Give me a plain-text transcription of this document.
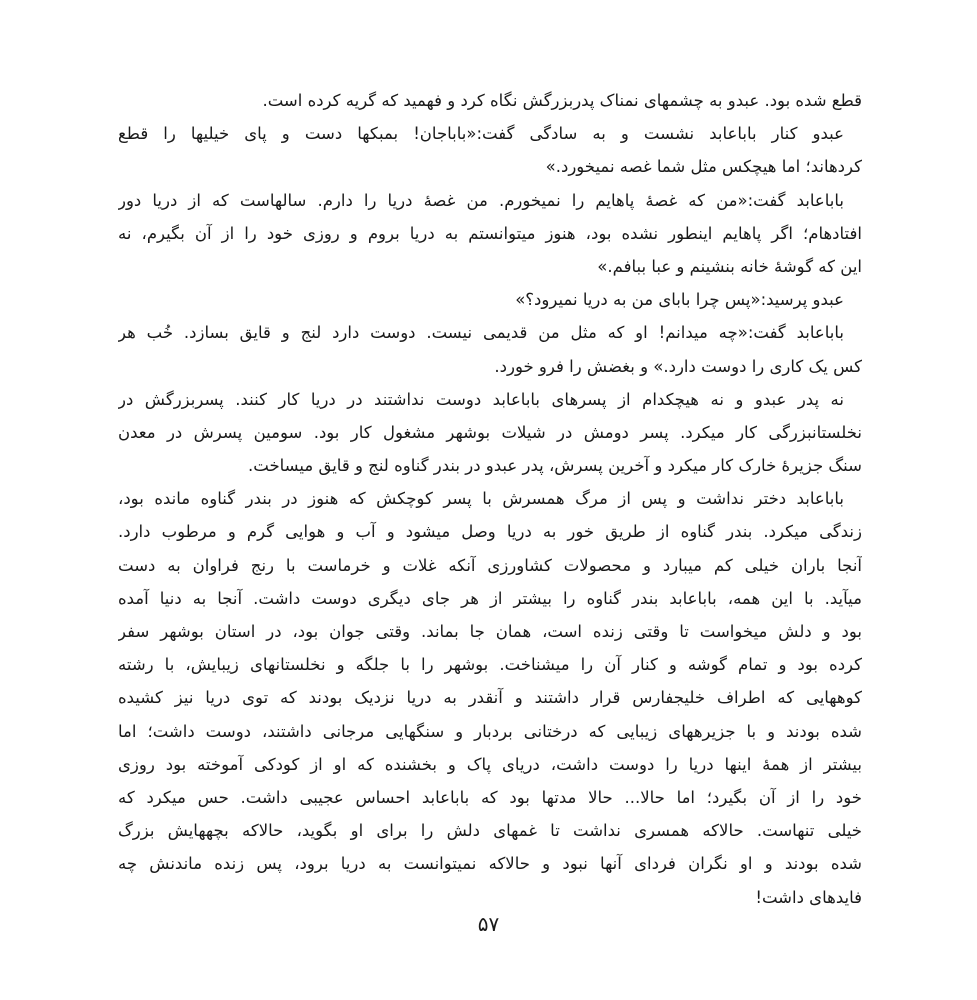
قطع شده بود. عبدو به چشمهای نمناک پدربزرگش نگاه کرد و فهمید که گریه کرده است.
عبدو کنار باباعابد نشست و به سادگی گفت:«باباجان! بمبکها دست و پای خیلیها را قطع
کردهاند؛ اما هیچکس مثل شما غصه نمیخورد.»
باباعابد گفت:«من که غصهٔ پاهایم را نمیخورم. من غصهٔ دریا را دارم. سالهاست که از دریا دور
افتادهام؛ اگر پاهایم اینطور نشده بود، هنوز میتوانستم به دریا بروم و روزی خود را از آن بگیرم، نه
این که گوشهٔ خانه بنشینم و عبا ببافم.»
عبدو پرسید:«پس چرا بابای من به دریا نمیرود؟»
باباعابد گفت:«چه میدانم! او که مثل من قدیمی نیست. دوست دارد لنج و قایق بسازد. خُب هر
کس یک کاری را دوست دارد.» و بغضش را فرو خورد.
نه پدر عبدو و نه هیچکدام از پسرهای باباعابد دوست نداشتند در دریا کار کنند. پسربزرگش در
نخلستانبزرگی کار میکرد. پسر دومش در شیلات بوشهر مشغول کار بود. سومین پسرش در معدن
سنگ جزیرهٔ خارک کار میکرد و آخرین پسرش، پدر عبدو در بندر گناوه لنج و قایق میساخت.
باباعابد دختر نداشت و پس از مرگ همسرش با پسر کوچکش که هنوز در بندر گناوه مانده بود،
زندگی میکرد. بندر گناوه از طریق خور به دریا وصل میشود و آب و هوایی گرم و مرطوب دارد.
آنجا باران خیلی کم میبارد و محصولات کشاورزی آنکه غلات و خرماست با رنج فراوان به دست
میآید. با این همه، باباعابد بندر گناوه را بیشتر از هر جای دیگری دوست داشت. آنجا به دنیا آمده
بود و دلش میخواست تا وقتی زنده است، همان جا بماند. وقتی جوان بود، در استان بوشهر سفر
کرده بود و تمام گوشه و کنار آن را میشناخت. بوشهر را با جلگه و نخلستانهای زیبایش، با رشته
کوههایی که اطراف خلیجفارس قرار داشتند و آنقدر به دریا نزدیک بودند که توی دریا نیز کشیده
شده بودند و با جزیرههای زیبایی که درختانی بردبار و سنگهایی مرجانی داشتند، دوست داشت؛ اما
بیشتر از همهٔ اینها دریا را دوست داشت، دریای پاک و بخشنده که او از کودکی آموخته بود روزی
خود را از آن بگیرد؛ اما حالا... حالا مدتها بود که باباعابد احساس عجیبی داشت. حس میکرد که
خیلی تنهاست. حالاکه همسری نداشت تا غمهای دلش را برای او بگوید، حالاکه بچههایش بزرگ
شده بودند و او نگران فردای آنها نبود و حالاکه نمیتوانست به دریا برود، پس زنده ماندنش چه
فایدهای داشت!
۵۷
